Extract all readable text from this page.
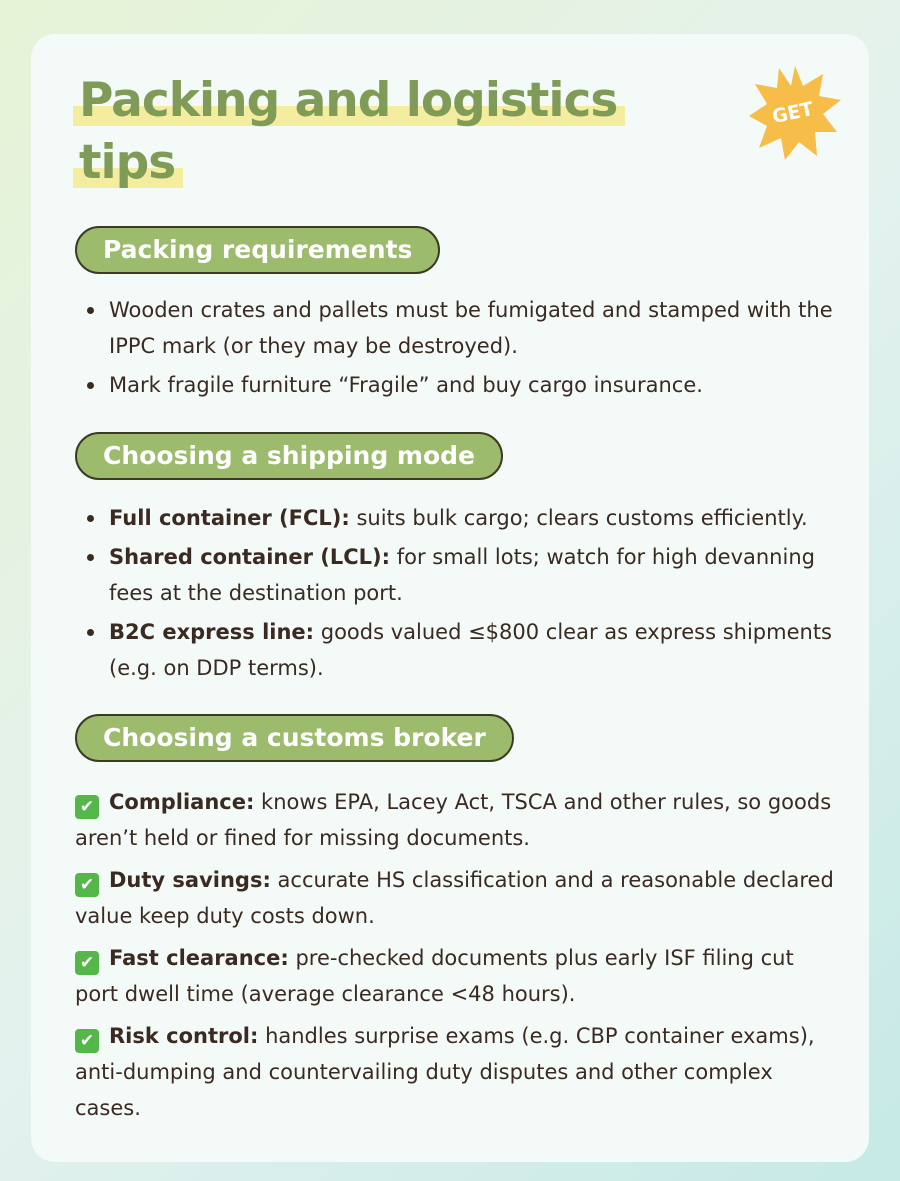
Packing and logistics
tips
GET
Packing requirements
Wooden crates and pallets must be fumigated and stamped with the IPPC mark (or they may be destroyed).
Mark fragile furniture “Fragile” and buy cargo insurance.
Choosing a shipping mode
Full container (FCL): suits bulk cargo; clears customs efficiently.
Shared container (LCL): for small lots; watch for high devanning fees at the destination port.
B2C express line: goods valued ≤$800 clear as express shipments (e.g. on DDP terms).
Choosing a customs broker
✔ Compliance: knows EPA, Lacey Act, TSCA and other rules, so goods aren’t held or fined for missing documents.
✔ Duty savings: accurate HS classification and a reasonable declared value keep duty costs down.
✔ Fast clearance: pre-checked documents plus early ISF filing cut port dwell time (average clearance <48 hours).
✔ Risk control: handles surprise exams (e.g. CBP container exams), anti-dumping and countervailing duty disputes and other complex cases.
